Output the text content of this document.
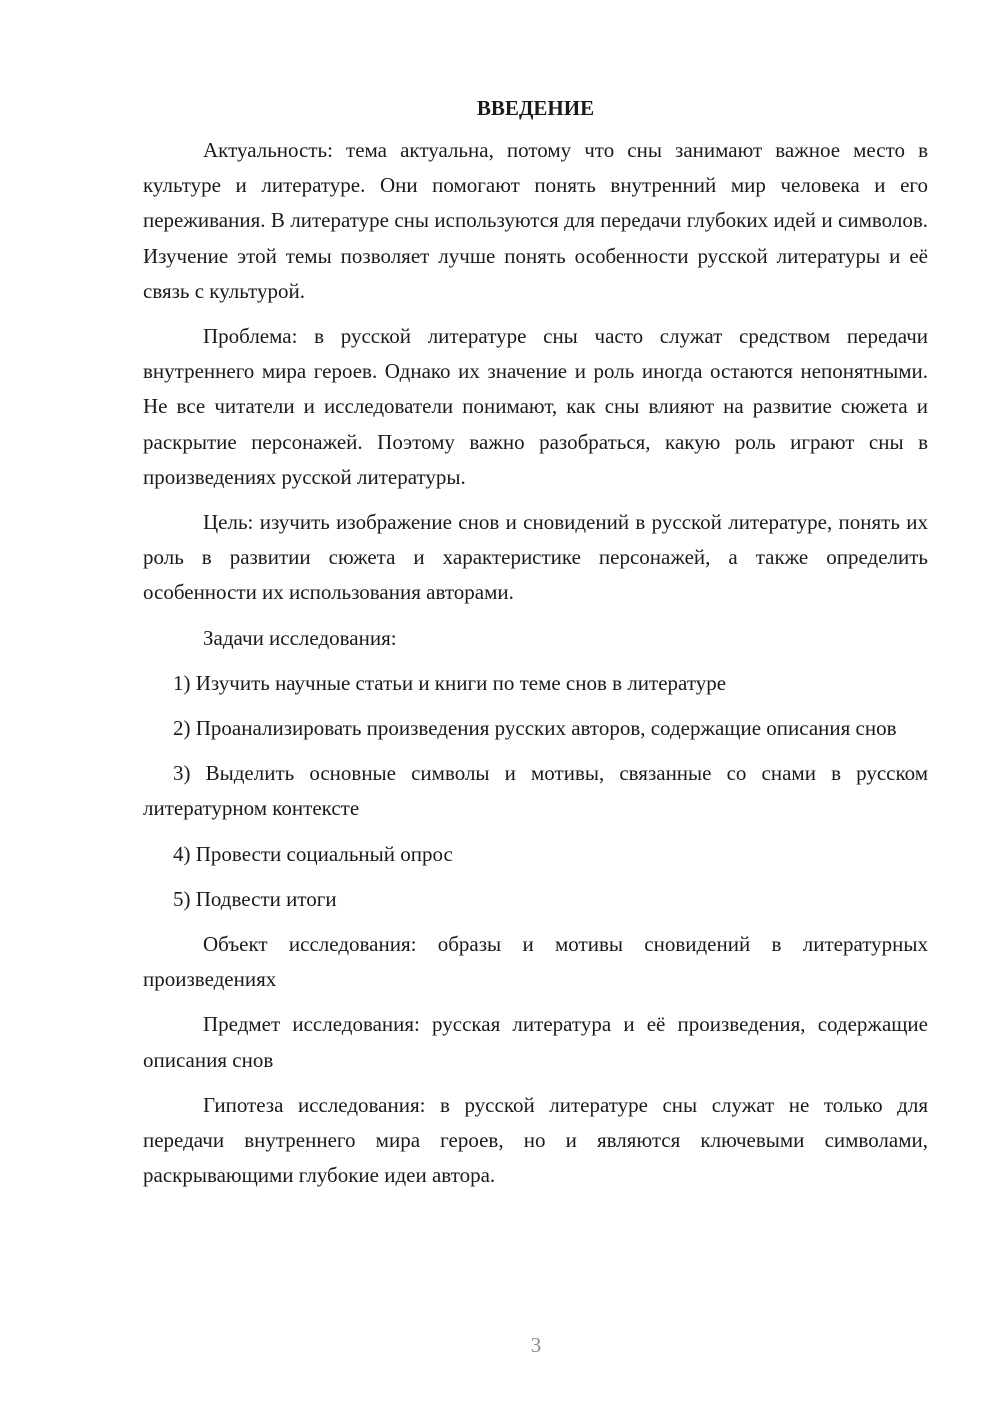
ВВЕДЕНИЕ

Актуальность: тема актуальна, потому что сны занимают важное место в культуре и литературе. Они помогают понять внутренний мир человека и его переживания. В литературе сны используются для передачи глубоких идей и символов. Изучение этой темы позволяет лучше понять особенности русской литературы и её связь с культурой.

Проблема: в русской литературе сны часто служат средством передачи внутреннего мира героев. Однако их значение и роль иногда остаются непонятными. Не все читатели и исследователи понимают, как сны влияют на развитие сюжета и раскрытие персонажей. Поэтому важно разобраться, какую роль играют сны в произведениях русской литературы.

Цель: изучить изображение снов и сновидений в русской литературе, понять их роль в развитии сюжета и характеристике персонажей, а также определить особенности их использования авторами.

Задачи исследования:

1) Изучить научные статьи и книги по теме снов в литературе

2) Проанализировать произведения русских авторов, содержащие описания снов

3) Выделить основные символы и мотивы, связанные со снами в русском литературном контексте

4) Провести социальный опрос

5) Подвести итоги

Объект исследования: образы и мотивы сновидений в литературных произведениях

Предмет исследования: русская литература и её произведения, содержащие описания снов

Гипотеза исследования: в русской литературе сны служат не только для передачи внутреннего мира героев, но и являются ключевыми символами, раскрывающими глубокие идеи автора.

3
